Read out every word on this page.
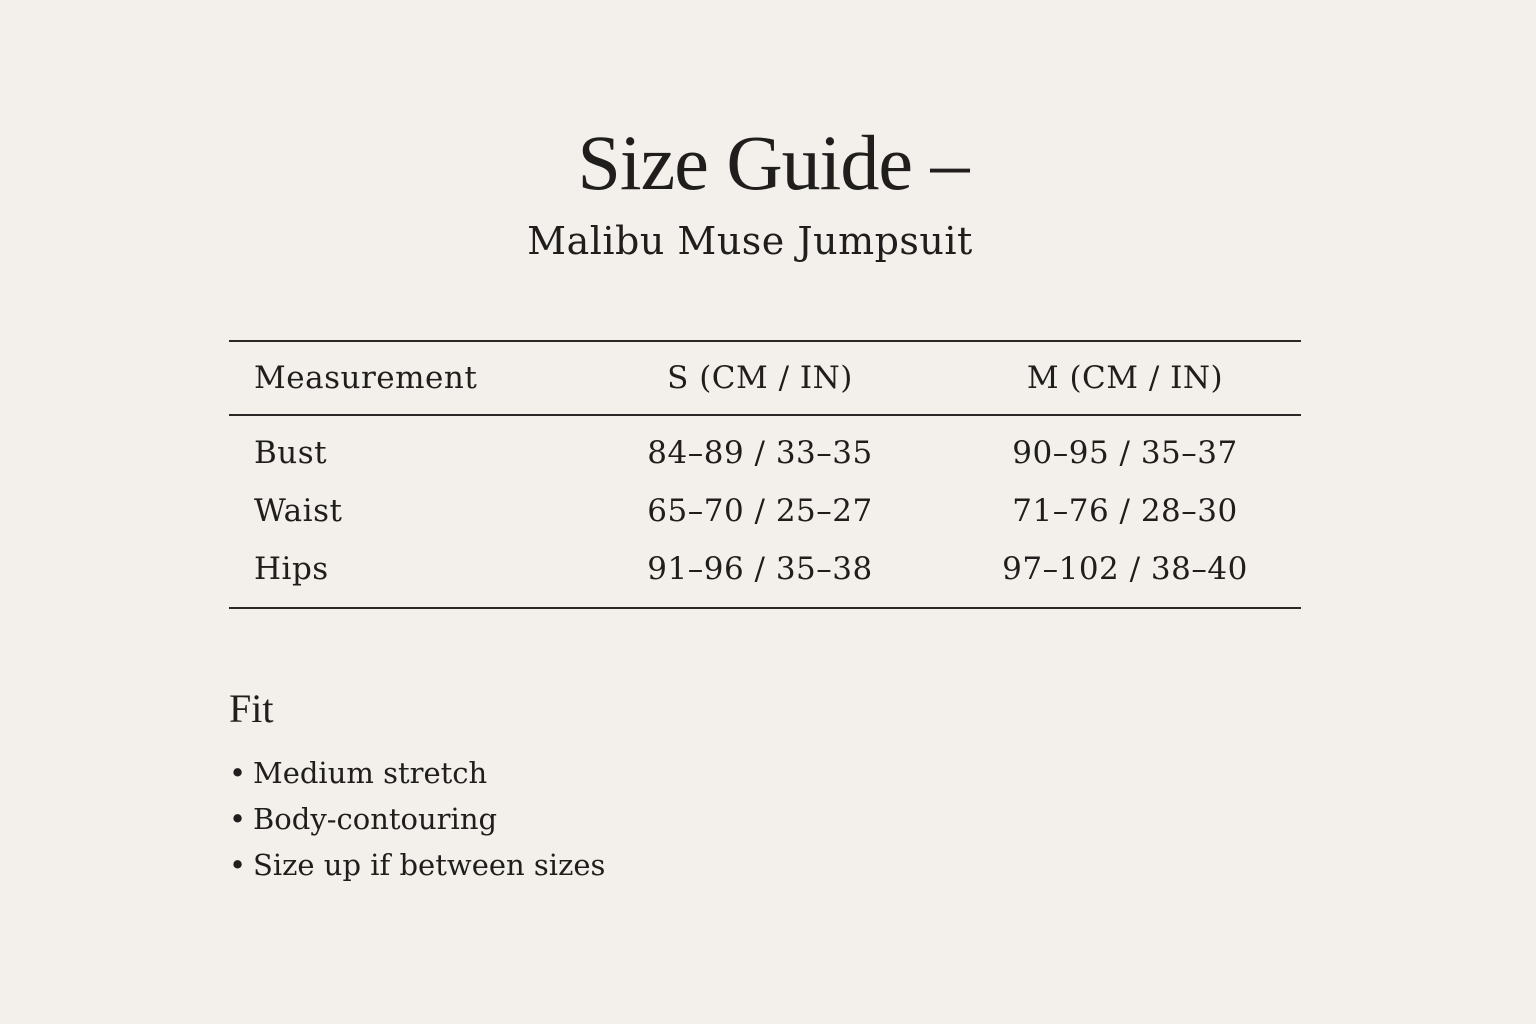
Size Guide –
Malibu Muse Jumpsuit
Measurement	S (CM / IN)	M (CM / IN)
Bust	84–89 / 33–35	90–95 / 35–37
Waist	65–70 / 25–27	71–76 / 28–30
Hips	91–96 / 35–38	97–102 / 38–40
Fit
• Medium stretch
• Body-contouring
• Size up if between sizes
